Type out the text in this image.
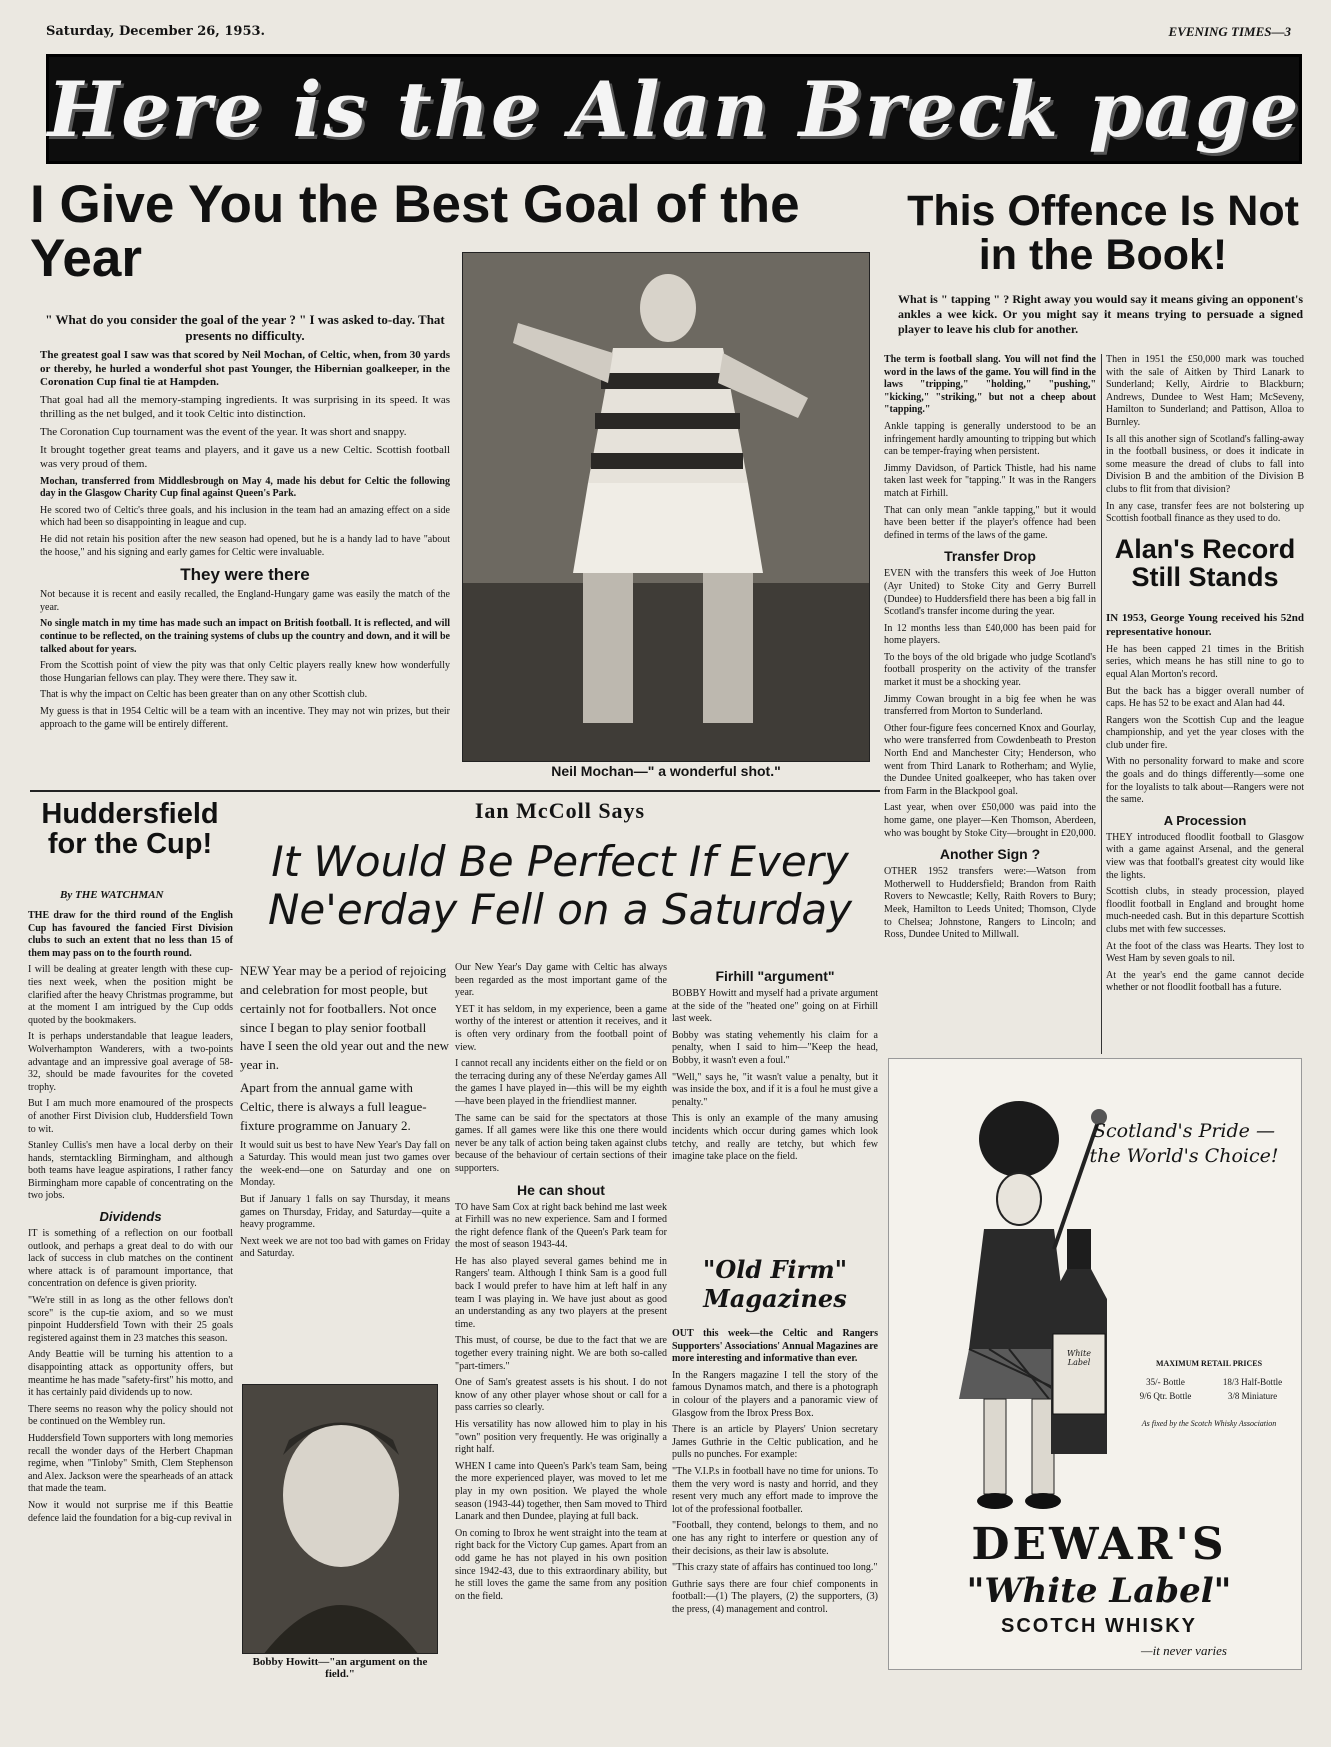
Saturday, December 26, 1953.	EVENING TIMES—3
Here is the Alan Breck page
I Give You the Best Goal of the Year

" What do you consider the goal of the year ? " I was asked to-day. That presents no difficulty.

The greatest goal I saw was that scored by Neil Mochan, of Celtic, when, from 30 yards or thereby, he hurled a wonderful shot past Younger, the Hibernian goalkeeper, in the Coronation Cup final tie at Hampden.

That goal had all the memory-stamping ingredients. It was surprising in its speed. It was thrilling as the net bulged, and it took Celtic into distinction.

The Coronation Cup tournament was the event of the year. It was short and snappy.

It brought together great teams and players, and it gave us a new Celtic. Scottish football was very proud of them.

Mochan, transferred from Middlesbrough on May 4, made his debut for Celtic the following day in the Glasgow Charity Cup final against Queen's Park.

He scored two of Celtic's three goals, and his inclusion in the team had an amazing effect on a side which had been so disappointing in league and cup.

He did not retain his position after the new season had opened, but he is a handy lad to have "about the hoose," and his signing and early games for Celtic were invaluable.

They were there

Not because it is recent and easily recalled, the England-Hungary game was easily the match of the year.

No single match in my time has made such an impact on British football. It is reflected, and will continue to be reflected, on the training systems of clubs up the country and down, and it will be talked about for years.

From the Scottish point of view the pity was that only Celtic players really knew how wonderfully those Hungarian fellows can play. They were there. They saw it.

That is why the impact on Celtic has been greater than on any other Scottish club.

My guess is that in 1954 Celtic will be a team with an incentive. They may not win prizes, but their approach to the game will be entirely different.

Neil Mochan—" a wonderful shot."
This Offence Is Not in the Book!

What is " tapping " ? Right away you would say it means giving an opponent's ankles a wee kick. Or you might say it means trying to persuade a signed player to leave his club for another.

The term is football slang. You will not find the word in the laws of the game. You will find in the laws "tripping," "holding," "pushing," "kicking," "striking," but not a cheep about "tapping."

Ankle tapping is generally understood to be an infringement hardly amounting to tripping but which can be temper-fraying when persistent.

Jimmy Davidson, of Partick Thistle, had his name taken last week for "tapping." It was in the Rangers match at Firhill.

That can only mean "ankle tapping," but it would have been better if the player's offence had been defined in terms of the laws of the game.

Transfer Drop

EVEN with the transfers this week of Joe Hutton (Ayr United) to Stoke City and Gerry Burrell (Dundee) to Huddersfield there has been a big fall in Scotland's transfer income during the year.

In 12 months less than £40,000 has been paid for home players.

To the boys of the old brigade who judge Scotland's football prosperity on the activity of the transfer market it must be a shocking year.

Jimmy Cowan brought in a big fee when he was transferred from Morton to Sunderland.

Other four-figure fees concerned Knox and Gourlay, who were transferred from Cowdenbeath to Preston North End and Manchester City; Henderson, who went from Third Lanark to Rotherham; and Wylie, the Dundee United goalkeeper, who has taken over from Farm in the Blackpool goal.

Last year, when over £50,000 was paid into the home game, one player—Ken Thomson, Aberdeen, who was bought by Stoke City—brought in £20,000.

Another Sign ?

OTHER 1952 transfers were:—Watson from Motherwell to Huddersfield; Brandon from Raith Rovers to Newcastle; Kelly, Raith Rovers to Bury; Meek, Hamilton to Leeds United; Thomson, Clyde to Chelsea; Johnstone, Rangers to Lincoln; and Ross, Dundee United to Millwall.

Then in 1951 the £50,000 mark was touched with the sale of Aitken by Third Lanark to Sunderland; Kelly, Airdrie to Blackburn; Andrews, Dundee to West Ham; McSeveny, Hamilton to Sunderland; and Pattison, Alloa to Burnley.

Is all this another sign of Scotland's falling-away in the football business, or does it indicate in some measure the dread of clubs to fall into Division B and the ambition of the Division B clubs to flit from that division?

In any case, transfer fees are not bolstering up Scottish football finance as they used to do.

Alan's Record Still Stands

IN 1953, George Young received his 52nd representative honour.

He has been capped 21 times in the British series, which means he has still nine to go to equal Alan Morton's record.

But the back has a bigger overall number of caps. He has 52 to be exact and Alan had 44.

Rangers won the Scottish Cup and the league championship, and yet the year closes with the club under fire.

With no personality forward to make and score the goals and do things differently—some one for the loyalists to talk about—Rangers were not the same.

A Procession

THEY introduced floodlit football to Glasgow with a game against Arsenal, and the general view was that football's greatest city would like the lights.

Scottish clubs, in steady procession, played floodlit football in England and brought home much-needed cash. But in this departure Scottish clubs met with few successes.

At the foot of the class was Hearts. They lost to West Ham by seven goals to nil.

At the year's end the game cannot decide whether or not floodlit football has a future.

Huddersfield for the Cup!
By THE WATCHMAN

THE draw for the third round of the English Cup has favoured the fancied First Division clubs to such an extent that no less than 15 of them may pass on to the fourth round.

I will be dealing at greater length with these cup-ties next week, when the position might be clarified after the heavy Christmas programme, but at the moment I am intrigued by the Cup odds quoted by the bookmakers.

It is perhaps understandable that league leaders, Wolverhampton Wanderers, with a two-points advantage and an impressive goal average of 58-32, should be made favourites for the coveted trophy.

But I am much more enamoured of the prospects of another First Division club, Huddersfield Town to wit.

Stanley Cullis's men have a local derby on their hands, sterntackling Birmingham, and although both teams have league aspirations, I rather fancy Birmingham more capable of concentrating on the two jobs.

Dividends

IT is something of a reflection on our football outlook, and perhaps a great deal to do with our lack of success in club matches on the continent where attack is of paramount importance, that concentration on defence is given priority.

"We're still in as long as the other fellows don't score" is the cup-tie axiom, and so we must pinpoint Huddersfield Town with their 25 goals registered against them in 23 matches this season.

Andy Beattie will be turning his attention to a disappointing attack as opportunity offers, but meantime he has made "safety-first" his motto, and it has certainly paid dividends up to now.

There seems no reason why the policy should not be continued on the Wembley run.

Huddersfield Town supporters with long memories recall the wonder days of the Herbert Chapman regime, when "Tinloby" Smith, Clem Stephenson and Alex. Jackson were the spearheads of an attack that made the team.

Now it would not surprise me if this Beattie defence laid the foundation for a big-cup revival in

Ian McColl Says
It Would Be Perfect If Every Ne'erday Fell on a Saturday

NEW Year may be a period of rejoicing and celebration for most people, but certainly not for footballers. Not once since I began to play senior football have I seen the old year out and the new year in.

Apart from the annual game with Celtic, there is always a full league-fixture programme on January 2.

It would suit us best to have New Year's Day fall on a Saturday. This would mean just two games over the week-end—one on Saturday and one on Monday.

But if January 1 falls on say Thursday, it means games on Thursday, Friday, and Saturday—quite a heavy programme.

Next week we are not too bad with games on Friday and Saturday.

Our New Year's Day game with Celtic has always been regarded as the most important game of the year.

YET it has seldom, in my experience, been a game worthy of the interest or attention it receives, and it is often very ordinary from the football point of view.

I cannot recall any incidents either on the field or on the terracing during any of these Ne'erday games All the games I have played in—this will be my eighth—have been played in the friendliest manner.

The same can be said for the spectators at those games. If all games were like this one there would never be any talk of action being taken against clubs because of the behaviour of certain sections of their supporters.

He can shout

TO have Sam Cox at right back behind me last week at Firhill was no new experience. Sam and I formed the right defence flank of the Queen's Park team for the most of season 1943-44.

He has also played several games behind me in Rangers' team. Although I think Sam is a good full back I would prefer to have him at left half in any team I was playing in. We have just about as good an understanding as any two players at the present time.

This must, of course, be due to the fact that we are together every training night. We are both so-called "part-timers."

One of Sam's greatest assets is his shout. I do not know of any other player whose shout or call for a pass carries so clearly.

His versatility has now allowed him to play in his "own" position very frequently. He was originally a right half.

WHEN I came into Queen's Park's team Sam, being the more experienced player, was moved to let me play in my own position. We played the whole season (1943-44) together, then Sam moved to Third Lanark and then Dundee, playing at full back.

On coming to Ibrox he went straight into the team at right back for the Victory Cup games. Apart from an odd game he has not played in his own position since 1942-43, due to this extraordinary ability, but he still loves the game the same from any position on the field.

Firhill "argument"

BOBBY Howitt and myself had a private argument at the side of the "heated one" going on at Firhill last week.

Bobby was stating vehemently his claim for a penalty, when I said to him—"Keep the head, Bobby, it wasn't even a foul."

"Well," says he, "it wasn't value a penalty, but it was inside the box, and if it is a foul he must give a penalty."

This is only an example of the many amusing incidents which occur during games which look tetchy, and really are tetchy, but which few imagine take place on the field.

"Old Firm" Magazines

OUT this week—the Celtic and Rangers Supporters' Associations' Annual Magazines are more interesting and informative than ever.

In the Rangers magazine I tell the story of the famous Dynamos match, and there is a photograph in colour of the players and a panoramic view of Glasgow from the Ibrox Press Box.

There is an article by Players' Union secretary James Guthrie in the Celtic publication, and he pulls no punches. For example:

"The V.I.P.s in football have no time for unions. To them the very word is nasty and horrid, and they resent very much any effort made to improve the lot of the professional footballer.

"Football, they contend, belongs to them, and no one has any right to interfere or question any of their decisions, as their law is absolute.

"This crazy state of affairs has continued too long."

Guthrie says there are four chief components in football:—(1) The players, (2) the supporters, (3) the press, (4) management and control.

Bobby Howitt—"an argument on the field."
Scotland's Pride — the World's Choice!
White Label	MAXIMUM RETAIL PRICES
35/- Bottle	18/3 Half-Bottle
9/6 Qtr. Bottle	3/8 Miniature
As fixed by the Scotch Whisky Association
DEWAR'S
"White Label"
SCOTCH WHISKY
—it never varies
